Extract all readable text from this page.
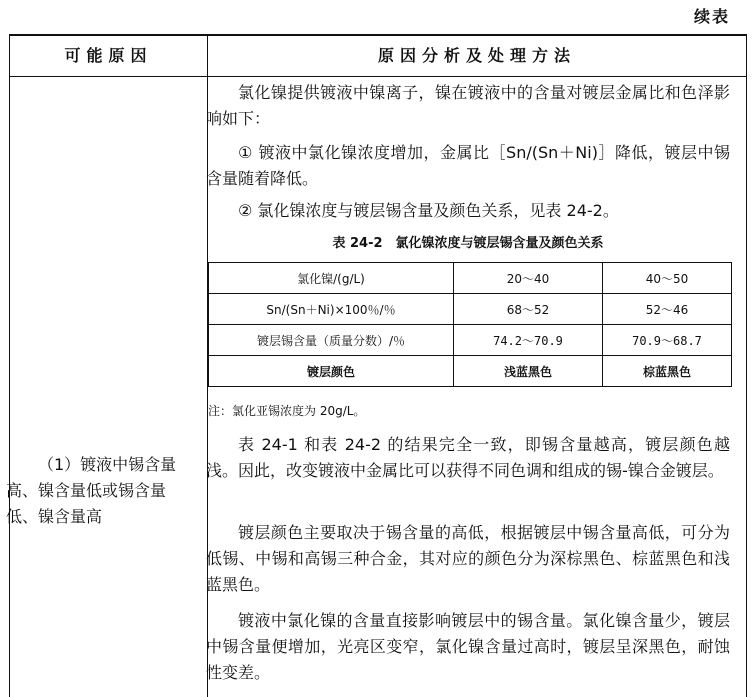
续表
可能原因	原因分析及处理方法
（1）镀液中锡含量高、镍含量低或锡含量低、镍含量高

氯化镍提供镀液中镍离子，镍在镀液中的含量对镀层金属比和色泽影响如下：

① 镀液中氯化镍浓度增加，金属比［Sn/(Sn＋Ni)］降低，镀层中锡含量随着降低。

② 氯化镍浓度与镀层锡含量及颜色关系，见表 24-2。

表 24-2　氯化镍浓度与镀层锡含量及颜色关系
氯化镍/(g/L)	20～40	40～50
Sn/(Sn＋Ni)×100％/％	68～52	52～46
镀层锡含量（质量分数）/％	74.2～70.9	70.9～68.7
镀层颜色	浅蓝黑色	棕蓝黑色
注：氯化亚锡浓度为 20g/L。

表 24-1 和表 24-2 的结果完全一致，即锡含量越高，镀层颜色越浅。因此，改变镀液中金属比可以获得不同色调和组成的锡-镍合金镀层。

镀层颜色主要取决于锡含量的高低，根据镀层中锡含量高低，可分为低锡、中锡和高锡三种合金，其对应的颜色分为深棕黑色、棕蓝黑色和浅蓝黑色。

镀液中氯化镍的含量直接影响镀层中的锡含量。氯化镍含量少，镀层中锡含量便增加，光亮区变窄，氯化镍含量过高时，镀层呈深黑色，耐蚀性变差。
